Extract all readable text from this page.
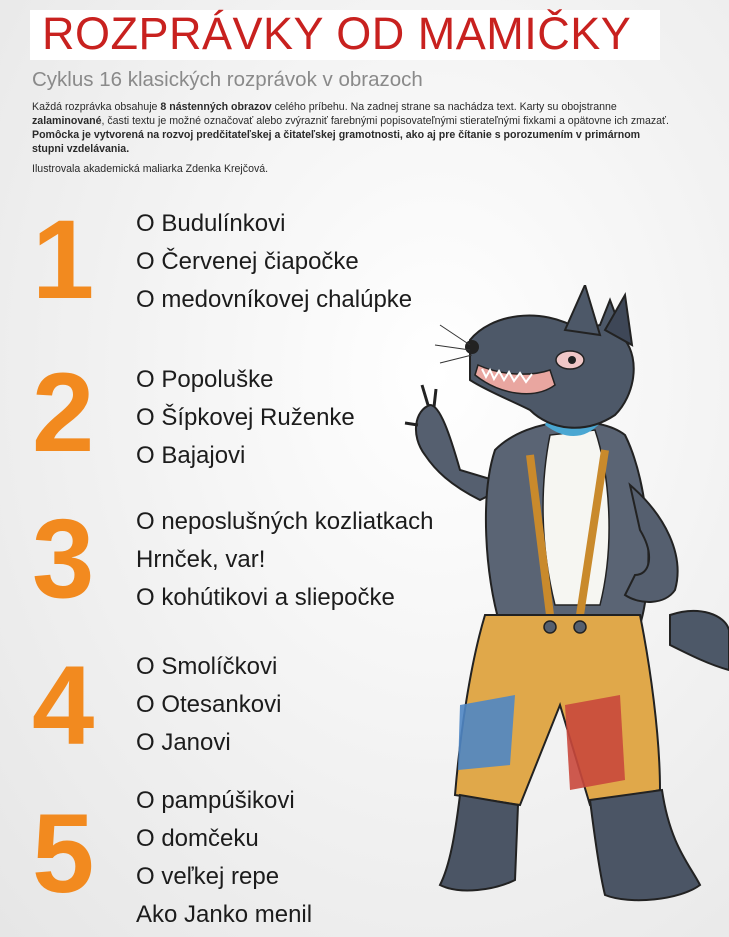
ROZPRÁVKY OD MAMIČKY
Cyklus 16 klasických rozprávok v obrazoch

Každá rozprávka obsahuje 8 nástenných obrazov celého príbehu. Na zadnej strane sa nachádza text. Karty su obojstranne zalaminované, časti textu je možné označovať alebo zvýrazniť farebnými popisovateľnými stierateľnými fixkami a opätovne ich zmazať. Pomôcka je vytvorená na rozvoj predčitateľskej a čitateľskej gramotnosti, ako aj pre čítanie s porozumením v primárnom stupni vzdelávania.

Ilustrovala akademická maliarka Zdenka Krejčová.

1 O Budulínkovi
O Červenej čiapočke
O medovníkovej chalúpke
2 O Popoluške
O Šípkovej Ruženke
O Bajajovi
3 O neposlušných kozliatkach
Hrnček, var!
O kohútikovi a sliepočke
4 O Smolíčkovi
O Otesankovi
O Janovi
5 O pampúšikovi
O domčeku
O veľkej repe
Ako Janko menil
